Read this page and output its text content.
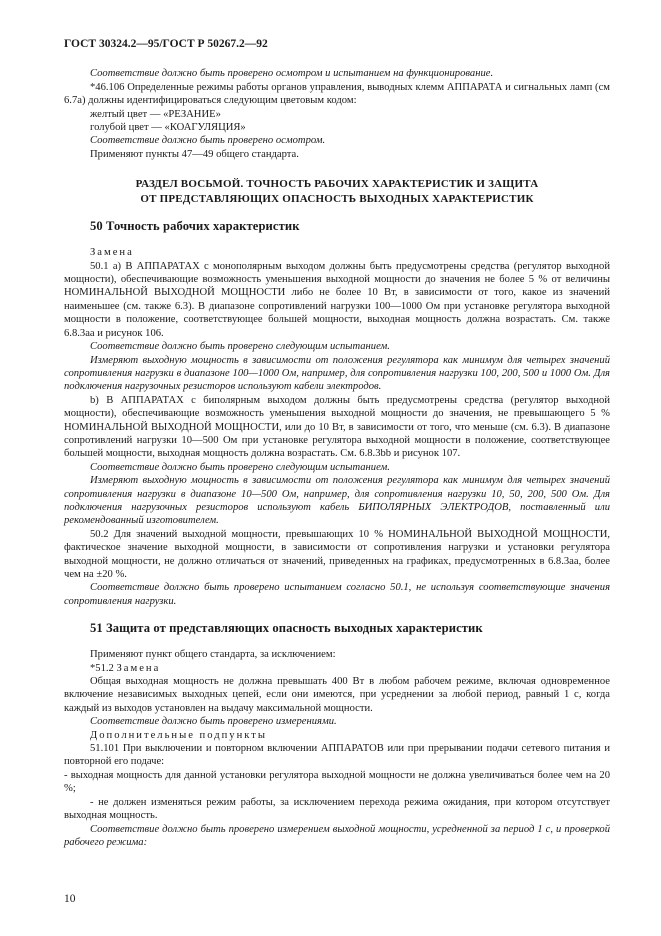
ГОСТ 30324.2—95/ГОСТ Р 50267.2—92

Соответствие должно быть проверено осмотром и испытанием на функционирование.

*46.106 Определенные режимы работы органов управления, выводных клемм АППАРАТА и сигнальных ламп (см 6.7а) должны идентифицироваться следующим цветовым кодом:

желтый цвет — «РЕЗАНИЕ»

голубой цвет — «КОАГУЛЯЦИЯ»

Соответствие должно быть проверено осмотром.

Применяют пункты 47—49 общего стандарта.

РАЗДЕЛ ВОСЬМОЙ. ТОЧНОСТЬ РАБОЧИХ ХАРАКТЕРИСТИК И ЗАЩИТА
ОТ ПРЕДСТАВЛЯЮЩИХ ОПАСНОСТЬ ВЫХОДНЫХ ХАРАКТЕРИСТИК
50 Точность рабочих характеристик

Замена

50.1 а) В АППАРАТАХ с монополярным выходом должны быть предусмотрены средства (регулятор выходной мощности), обеспечивающие возможность уменьшения выходной мощности до значения не более 5 % от величины НОМИНАЛЬНОЙ ВЫХОДНОЙ МОЩНОСТИ либо не более 10 Вт, в зависимости от того, какое из значений наименьшее (см. также 6.3). В диапазоне сопротивлений нагрузки 100—1000 Ом при установке регулятора выходной мощности в положение, соответствующее большей мощности, выходная мощность должна возрастать. См. также 6.8.3аа и рисунок 106.

Соответствие должно быть проверено следующим испытанием.

Измеряют выходную мощность в зависимости от положения регулятора как минимум для четырех значений сопротивления нагрузки в диапазоне 100—1000 Ом, например, для сопротивления нагрузки 100, 200, 500 и 1000 Ом. Для подключения нагрузочных резисторов используют кабели электродов.

b) В АППАРАТАХ с биполярным выходом должны быть предусмотрены средства (регулятор выходной мощности), обеспечивающие возможность уменьшения выходной мощности до значения, не превышающего 5 % НОМИНАЛЬНОЙ ВЫХОДНОЙ МОЩНОСТИ, или до 10 Вт, в зависимости от того, что меньше (см. 6.3). В диапазоне сопротивлений нагрузки 10—500 Ом при установке регулятора выходной мощности в положение, соответствующее большей мощности, выходная мощность должна возрастать. См. 6.8.3bb и рисунок 107.

Соответствие должно быть проверено следующим испытанием.

Измеряют выходную мощность в зависимости от положения регулятора как минимум для четырех значений сопротивления нагрузки в диапазоне 10—500 Ом, например, для сопротивления нагрузки 10, 50, 200, 500 Ом. Для подключения нагрузочных резисторов используют кабель БИПОЛЯРНЫХ ЭЛЕКТРОДОВ, поставленный или рекомендованный изготовителем.

50.2 Для значений выходной мощности, превышающих 10 % НОМИНАЛЬНОЙ ВЫХОДНОЙ МОЩНОСТИ, фактическое значение выходной мощности, в зависимости от сопротивления нагрузки и установки регулятора выходной мощности, не должно отличаться от значений, приведенных на графиках, предусмотренных в 6.8.3аа, более чем на ±20 %.

Соответствие должно быть проверено испытанием согласно 50.1, не используя соответствующие значения сопротивления нагрузки.

51 Защита от представляющих опасность выходных характеристик

Применяют пункт общего стандарта, за исключением:

*51.2 Замена

Общая выходная мощность не должна превышать 400 Вт в любом рабочем режиме, включая одновременное включение независимых выходных цепей, если они имеются, при усреднении за любой период, равный 1 с, когда каждый из выходов установлен на выдачу максимальной мощности.

Соответствие должно быть проверено измерениями.

Дополнительные подпункты

51.101 При выключении и повторном включении АППАРАТОВ или при прерывании подачи сетевого питания и повторной его подаче:

- выходная мощность для данной установки регулятора выходной мощности не должна увеличиваться более чем на 20 %;

- не должен изменяться режим работы, за исключением перехода режима ожидания, при котором отсутствует выходная мощность.

Соответствие должно быть проверено измерением выходной мощности, усредненной за период 1 с, и проверкой рабочего режима:

10
